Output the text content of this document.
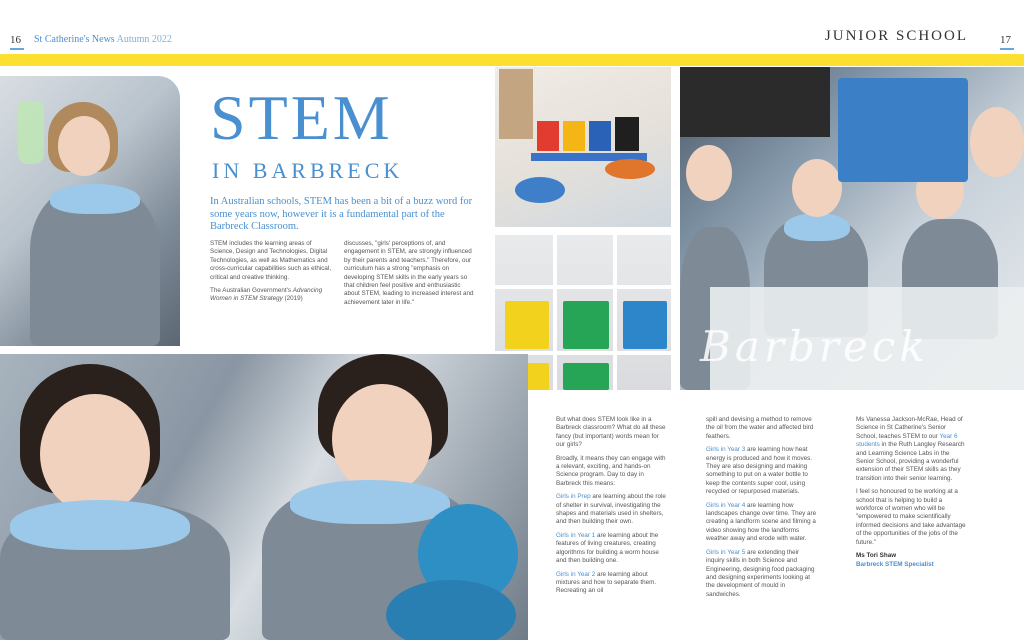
16 St Catherine's News Autumn 2022	JUNIOR SCHOOL	17
STEM
IN BARBRECK
In Australian schools, STEM has been a bit of a buzz word for some years now, however it is a fundamental part of the Barbreck Classroom.

STEM includes the learning areas of Science, Design and Technologies, Digital Technologies, as well as Mathematics and cross-curricular capabilities such as ethical, critical and creative thinking.

The Australian Government's Advancing Women in STEM Strategy (2019)

discusses, "girls' perceptions of, and engagement in STEM, are strongly influenced by their parents and teachers." Therefore, our curriculum has a strong "emphasis on developing STEM skills in the early years so that children feel positive and enthusiastic about STEM, leading to increased interest and achievement later in life."

Barbreck

But what does STEM look like in a Barbreck classroom? What do all these fancy (but important) words mean for our girls?

Broadly, it means they can engage with a relevant, exciting, and hands-on Science program. Day to day in Barbreck this means:

Girls in Prep are learning about the role of shelter in survival, investigating the shapes and materials used in shelters, and then building their own.

Girls in Year 1 are learning about the features of living creatures, creating algorithms for building a worm house and then building one.

Girls in Year 2 are learning about mixtures and how to separate them. Recreating an oil

spill and devising a method to remove the oil from the water and affected bird feathers.

Girls in Year 3 are learning how heat energy is produced and how it moves. They are also designing and making something to put on a water bottle to keep the contents super cool, using recycled or repurposed materials.

Girls in Year 4 are learning how landscapes change over time. They are creating a landform scene and filming a video showing how the landforms weather away and erode with water.

Girls in Year 5 are extending their inquiry skills in both Science and Engineering, designing food packaging and designing experiments looking at the development of mould in sandwiches.

Ms Vanessa Jackson-McRae, Head of Science in St Catherine's Senior School, teaches STEM to our Year 6 students in the Ruth Langley Research and Learning Science Labs in the Senior School, providing a wonderful extension of their STEM skills as they transition into their senior learning.

I feel so honoured to be working at a school that is helping to build a workforce of women who will be "empowered to make scientifically informed decisions and take advantage of the opportunities of the jobs of the future."

Ms Tori Shaw
Barbreck STEM Specialist
